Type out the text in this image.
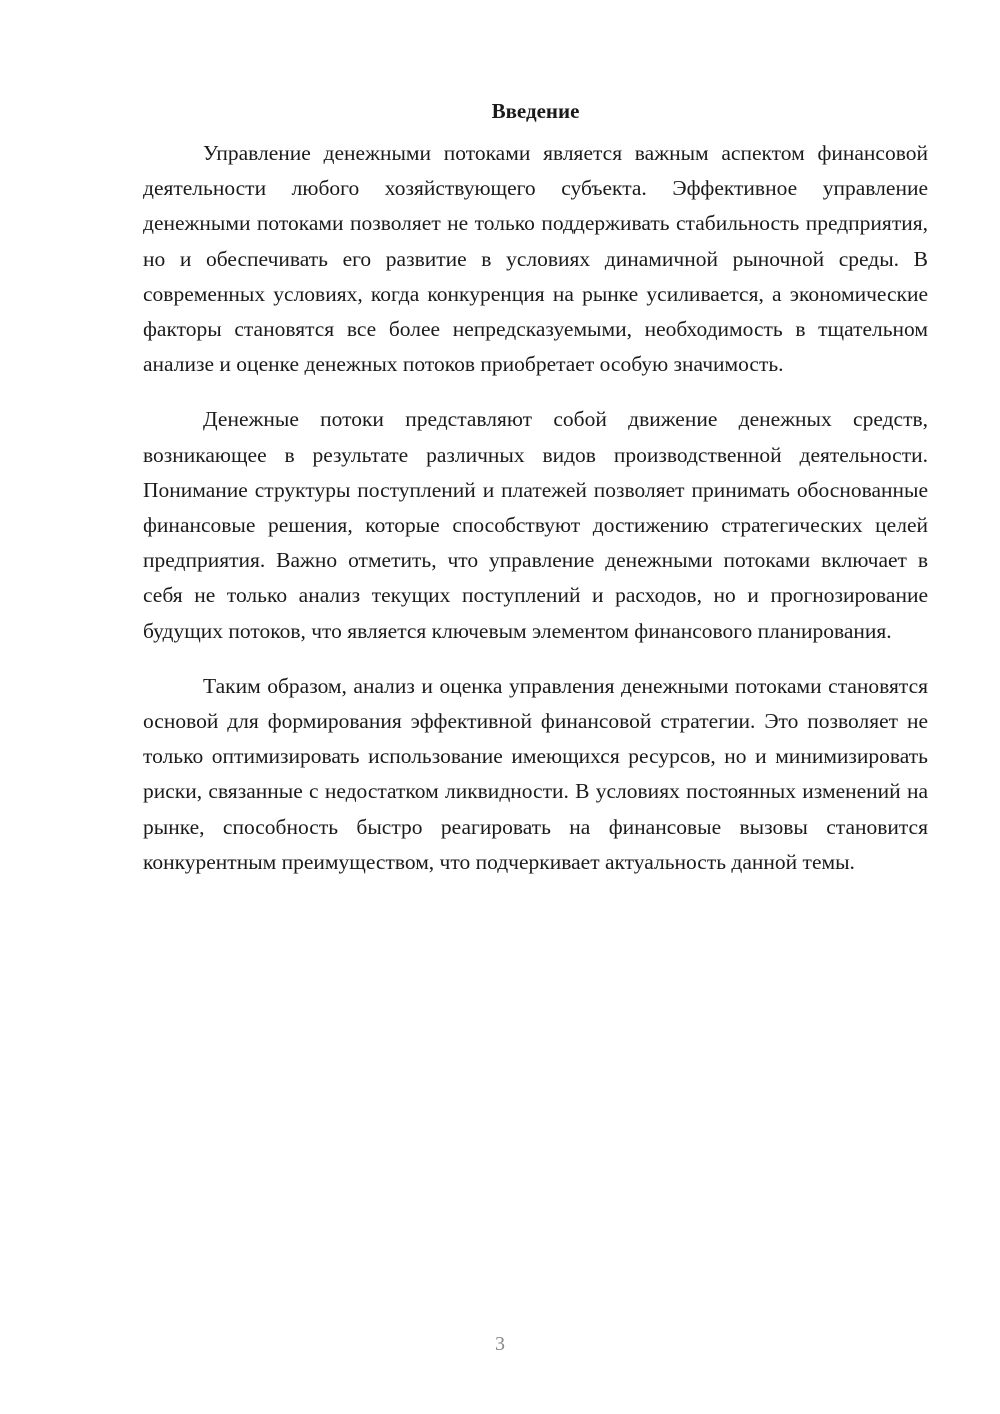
Введение

Управление денежными потоками является важным аспектом финансовой деятельности любого хозяйствующего субъекта. Эффективное управление денежными потоками позволяет не только поддерживать стабильность предприятия, но и обеспечивать его развитие в условиях динамичной рыночной среды. В современных условиях, когда конкуренция на рынке усиливается, а экономические факторы становятся все более непредсказуемыми, необходимость в тщательном анализе и оценке денежных потоков приобретает особую значимость.

Денежные потоки представляют собой движение денежных средств, возникающее в результате различных видов производственной деятельности. Понимание структуры поступлений и платежей позволяет принимать обоснованные финансовые решения, которые способствуют достижению стратегических целей предприятия. Важно отметить, что управление денежными потоками включает в себя не только анализ текущих поступлений и расходов, но и прогнозирование будущих потоков, что является ключевым элементом финансового планирования.

Таким образом, анализ и оценка управления денежными потоками становятся основой для формирования эффективной финансовой стратегии. Это позволяет не только оптимизировать использование имеющихся ресурсов, но и минимизировать риски, связанные с недостатком ликвидности. В условиях постоянных изменений на рынке, способность быстро реагировать на финансовые вызовы становится конкурентным преимуществом, что подчеркивает актуальность данной темы.

3
